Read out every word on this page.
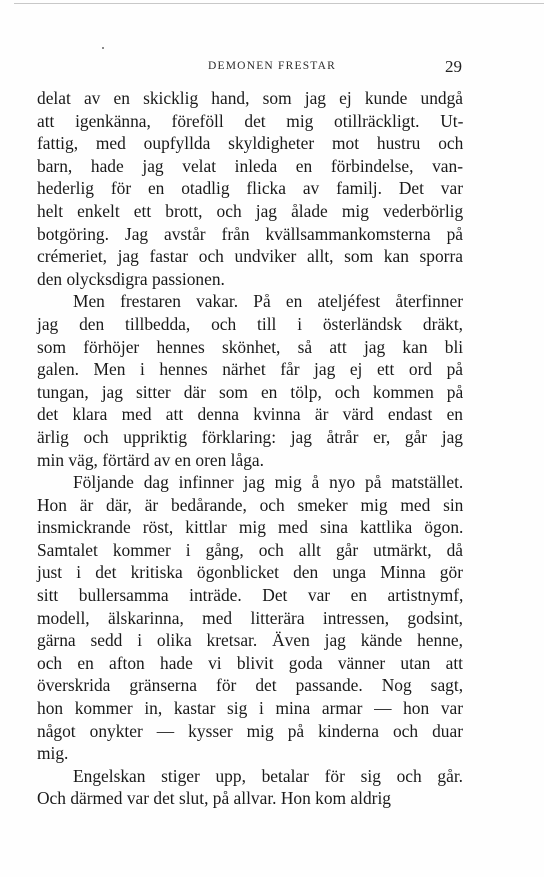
DEMONEN FRESTAR	29

delat av en skicklig hand, som jag ej kunde undgå
att igenkänna, föreföll det mig otillräckligt. Ut-
fattig, med oupfyllda skyldigheter mot hustru och
barn, hade jag velat inleda en förbindelse, van-
hederlig för en otadlig flicka av familj. Det var
helt enkelt ett brott, och jag ålade mig vederbörlig
botgöring. Jag avstår från kvällsammankomsterna på
crémeriet, jag fastar och undviker allt, som kan sporra
den olycksdigra passionen.

Men frestaren vakar. På en ateljéfest återfinner
jag den tillbedda, och till i österländsk dräkt,
som förhöjer hennes skönhet, så att jag kan bli
galen. Men i hennes närhet får jag ej ett ord på
tungan, jag sitter där som en tölp, och kommen på
det klara med att denna kvinna är värd endast en
ärlig och uppriktig förklaring: jag åtrår er, går jag
min väg, förtärd av en oren låga.

Följande dag infinner jag mig å nyo på matstället.
Hon är där, är bedårande, och smeker mig med sin
insmickrande röst, kittlar mig med sina kattlika ögon.
Samtalet kommer i gång, och allt går utmärkt, då
just i det kritiska ögonblicket den unga Minna gör
sitt bullersamma inträde. Det var en artistnymf,
modell, älskarinna, med litterära intressen, godsint,
gärna sedd i olika kretsar. Även jag kände henne,
och en afton hade vi blivit goda vänner utan att
överskrida gränserna för det passande. Nog sagt,
hon kommer in, kastar sig i mina armar — hon var
något onykter — kysser mig på kinderna och duar
mig.

Engelskan stiger upp, betalar för sig och går.
Och därmed var det slut, på allvar. Hon kom aldrig
